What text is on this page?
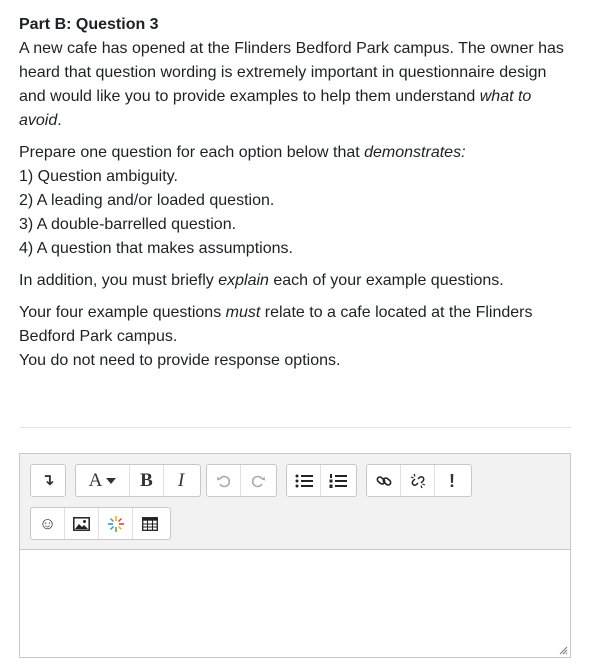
Part B: Question 3

A new cafe has opened at the Flinders Bedford Park campus. The owner has heard that question wording is extremely important in questionnaire design and would like you to provide examples to help them understand what to avoid.

Prepare one question for each option below that demonstrates:
1) Question ambiguity.
2) A leading and/or loaded question.
3) A double-barrelled question.
4) A question that makes assumptions.

In addition, you must briefly explain each of your example questions.

Your four example questions must relate to a cafe located at the Flinders Bedford Park campus.
You do not need to provide response options.
↴ A B I	!
☺
